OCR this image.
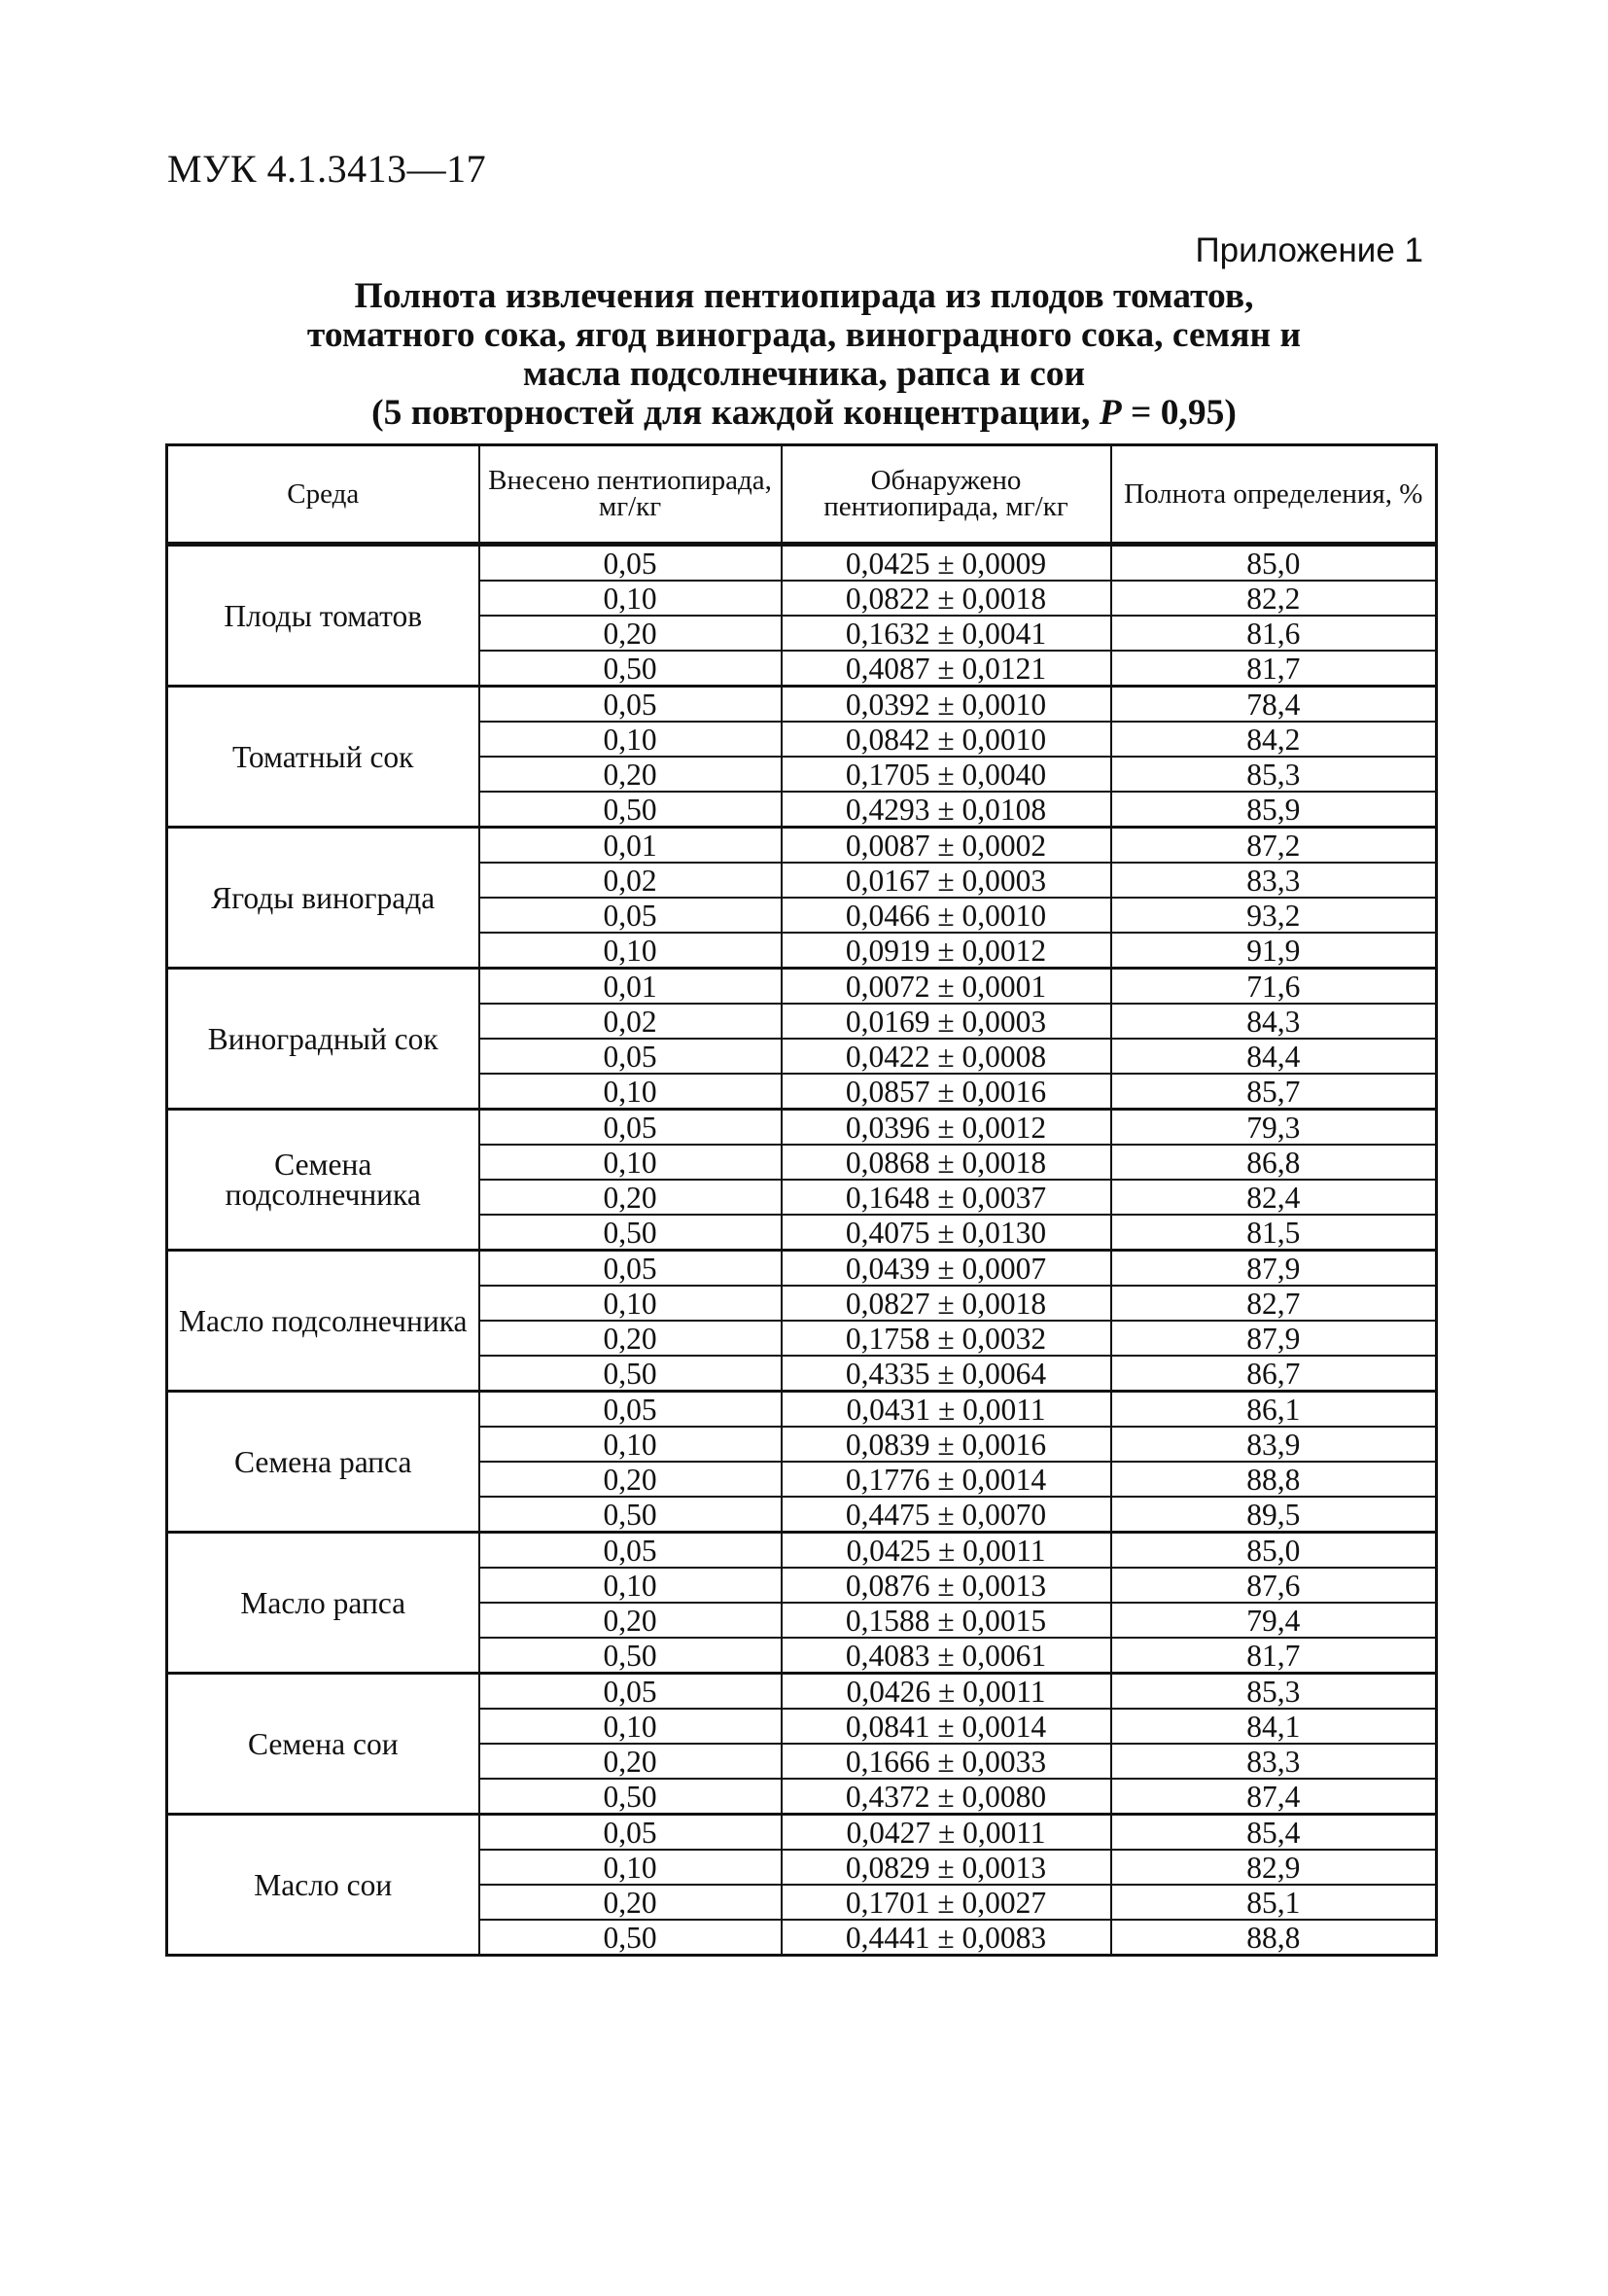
МУК 4.1.3413—17
Приложение 1
Полнота извлечения пентиопирада из плодов томатов,
томатного сока, ягод винограда, виноградного сока, семян и
масла подсолнечника, рапса и сои
(5 повторностей для каждой концентрации, P = 0,95)
Среда	Внесено пентиопирада, мг/кг	Обнаружено пентиопирада, мг/кг	Полнота определения, %
Плоды томатов	0,05	0,0425 ± 0,0009	85,0
	0,10	0,0822 ± 0,0018	82,2
	0,20	0,1632 ± 0,0041	81,6
	0,50	0,4087 ± 0,0121	81,7
Томатный сок	0,05	0,0392 ± 0,0010	78,4
	0,10	0,0842 ± 0,0010	84,2
	0,20	0,1705 ± 0,0040	85,3
	0,50	0,4293 ± 0,0108	85,9
Ягоды винограда	0,01	0,0087 ± 0,0002	87,2
	0,02	0,0167 ± 0,0003	83,3
	0,05	0,0466 ± 0,0010	93,2
	0,10	0,0919 ± 0,0012	91,9
Виноградный сок	0,01	0,0072 ± 0,0001	71,6
	0,02	0,0169 ± 0,0003	84,3
	0,05	0,0422 ± 0,0008	84,4
	0,10	0,0857 ± 0,0016	85,7
Семена подсолнечника	0,05	0,0396 ± 0,0012	79,3
	0,10	0,0868 ± 0,0018	86,8
	0,20	0,1648 ± 0,0037	82,4
	0,50	0,4075 ± 0,0130	81,5
Масло подсолнечника	0,05	0,0439 ± 0,0007	87,9
	0,10	0,0827 ± 0,0018	82,7
	0,20	0,1758 ± 0,0032	87,9
	0,50	0,4335 ± 0,0064	86,7
Семена рапса	0,05	0,0431 ± 0,0011	86,1
	0,10	0,0839 ± 0,0016	83,9
	0,20	0,1776 ± 0,0014	88,8
	0,50	0,4475 ± 0,0070	89,5
Масло рапса	0,05	0,0425 ± 0,0011	85,0
	0,10	0,0876 ± 0,0013	87,6
	0,20	0,1588 ± 0,0015	79,4
	0,50	0,4083 ± 0,0061	81,7
Семена сои	0,05	0,0426 ± 0,0011	85,3
	0,10	0,0841 ± 0,0014	84,1
	0,20	0,1666 ± 0,0033	83,3
	0,50	0,4372 ± 0,0080	87,4
Масло сои	0,05	0,0427 ± 0,0011	85,4
	0,10	0,0829 ± 0,0013	82,9
	0,20	0,1701 ± 0,0027	85,1
	0,50	0,4441 ± 0,0083	88,8
